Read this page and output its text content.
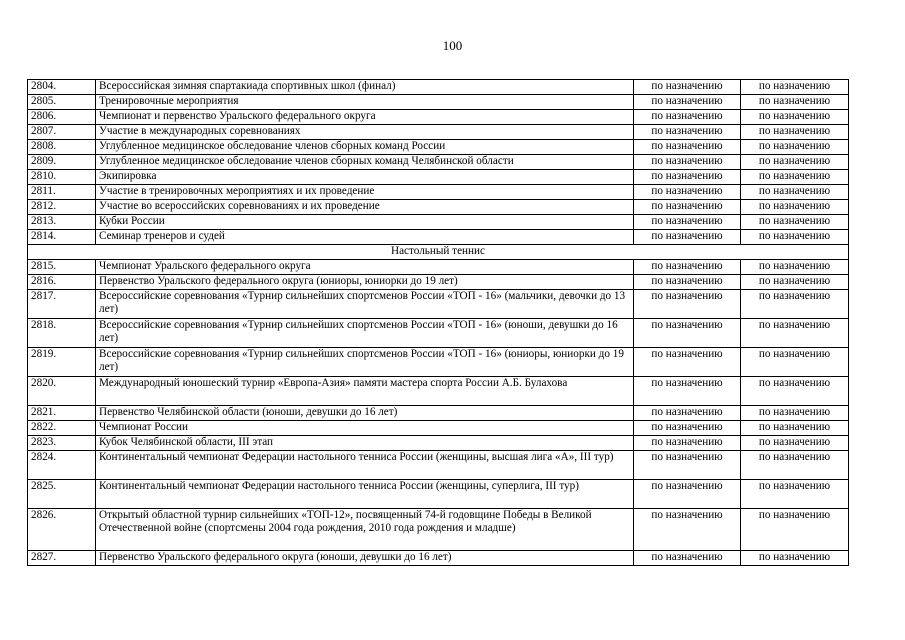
100
2804.	Всероссийская зимняя спартакиада спортивных школ (финал)	по назначению	по назначению
2805.	Тренировочные мероприятия	по назначению	по назначению
2806.	Чемпионат и первенство Уральского федерального округа	по назначению	по назначению
2807.	Участие в международных соревнованиях	по назначению	по назначению
2808.	Углубленное медицинское обследование членов сборных команд России	по назначению	по назначению
2809.	Углубленное медицинское обследование членов сборных команд Челябинской области	по назначению	по назначению
2810.	Экипировка	по назначению	по назначению
2811.	Участие в тренировочных мероприятиях и их проведение	по назначению	по назначению
2812.	Участие во всероссийских соревнованиях и их проведение	по назначению	по назначению
2813.	Кубки России	по назначению	по назначению
2814.	Семинар тренеров и судей	по назначению	по назначению
Настольный теннис			
2815.	Чемпионат Уральского федерального округа	по назначению	по назначению
2816.	Первенство Уральского федерального округа (юниоры, юниорки до 19 лет)	по назначению	по назначению
2817.	Всероссийские соревнования «Турнир сильнейших спортсменов России «ТОП - 16» (мальчики, девочки до 13 лет)	по назначению	по назначению
2818.	Всероссийские соревнования «Турнир сильнейших спортсменов России «ТОП - 16» (юноши, девушки до 16 лет)	по назначению	по назначению
2819.	Всероссийские соревнования «Турнир сильнейших спортсменов России «ТОП - 16» (юниоры, юниорки до 19 лет)	по назначению	по назначению
2820.	Международный юношеский турнир «Европа-Азия» памяти мастера спорта России А.Б. Булахова	по назначению	по назначению
2821.	Первенство Челябинской области (юноши, девушки до 16 лет)	по назначению	по назначению
2822.	Чемпионат России	по назначению	по назначению
2823.	Кубок Челябинской области, III этап	по назначению	по назначению
2824.	Континентальный чемпионат Федерации настольного тенниса России (женщины, высшая лига «А», III тур)	по назначению	по назначению
2825.	Континентальный чемпионат Федерации настольного тенниса России (женщины, суперлига, III тур)	по назначению	по назначению
2826.	Открытый областной турнир сильнейших «ТОП-12», посвященный 74-й годовщине Победы в Великой Отечественной войне (спортсмены 2004 года рождения, 2010 года рождения и младше)	по назначению	по назначению
2827.	Первенство Уральского федерального округа (юноши, девушки до 16 лет)	по назначению	по назначению
